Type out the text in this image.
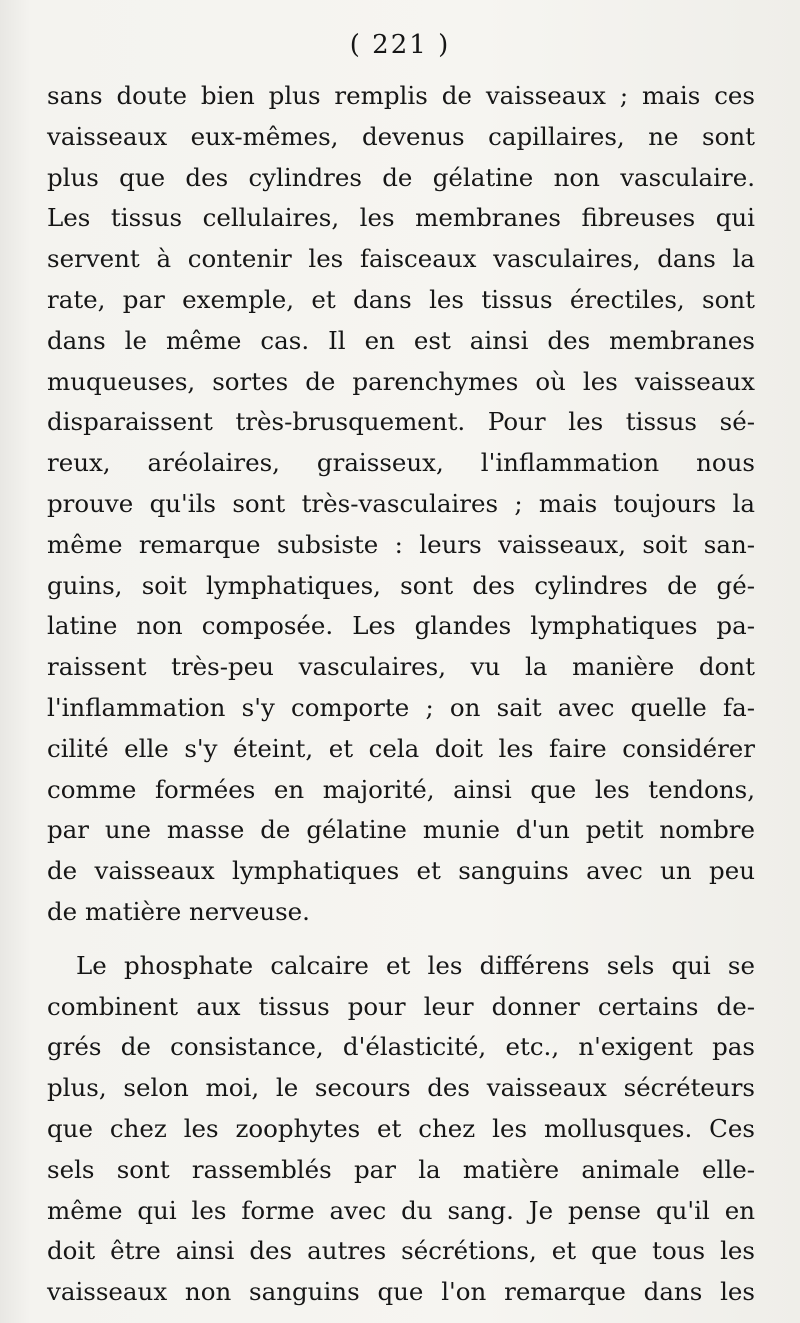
( 221 )

sans doute bien plus remplis de vaisseaux ; mais ces
vaisseaux eux-mêmes, devenus capillaires, ne sont
plus que des cylindres de gélatine non vasculaire.
Les tissus cellulaires, les membranes fibreuses qui
servent à contenir les faisceaux vasculaires, dans la
rate, par exemple, et dans les tissus érectiles, sont
dans le même cas. Il en est ainsi des membranes
muqueuses, sortes de parenchymes où les vaisseaux
disparaissent très-brusquement. Pour les tissus sé-
reux, aréolaires, graisseux, l'inflammation nous
prouve qu'ils sont très-vasculaires ; mais toujours la
même remarque subsiste : leurs vaisseaux, soit san-
guins, soit lymphatiques, sont des cylindres de gé-
latine non composée. Les glandes lymphatiques pa-
raissent très-peu vasculaires, vu la manière dont
l'inflammation s'y comporte ; on sait avec quelle fa-
cilité elle s'y éteint, et cela doit les faire considérer
comme formées en majorité, ainsi que les tendons,
par une masse de gélatine munie d'un petit nombre
de vaisseaux lymphatiques et sanguins avec un peu
de matière nerveuse.

Le phosphate calcaire et les différens sels qui se
combinent aux tissus pour leur donner certains de-
grés de consistance, d'élasticité, etc., n'exigent pas
plus, selon moi, le secours des vaisseaux sécréteurs
que chez les zoophytes et chez les mollusques. Ces
sels sont rassemblés par la matière animale elle-
même qui les forme avec du sang. Je pense qu'il en
doit être ainsi des autres sécrétions, et que tous les
vaisseaux non sanguins que l'on remarque dans les
